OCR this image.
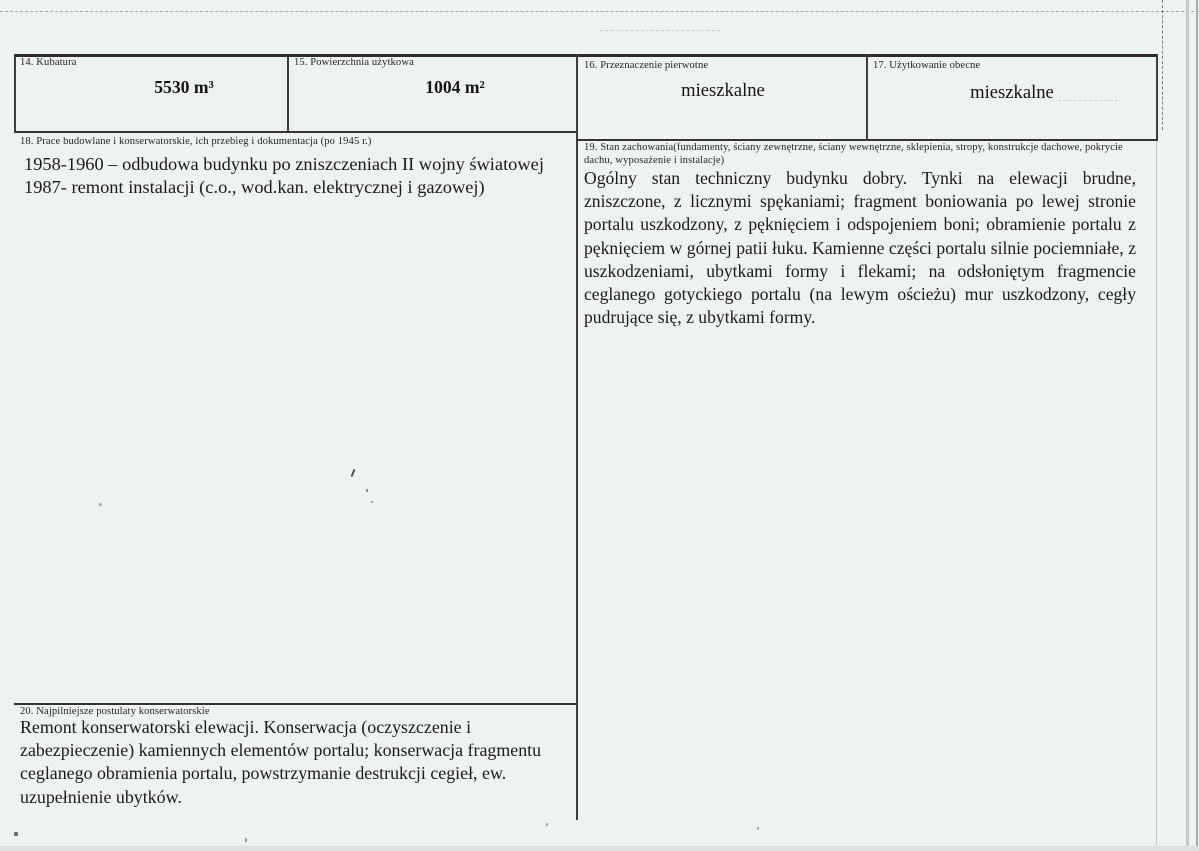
14. Kubatura
5530 m³
15. Powierzchnia użytkowa
1004 m²
16. Przeznaczenie pierwotne
mieszkalne
17. Użytkowanie obecne
mieszkalne
18. Prace budowlane i konserwatorskie, ich przebieg i dokumentacja (po 1945 r.)
1958-1960 – odbudowa budynku po zniszczeniach II wojny światowej
1987- remont instalacji (c.o., wod.kan. elektrycznej i gazowej)
19. Stan zachowania(fundamenty, ściany zewnętrzne, ściany wewnętrzne, sklepienia, stropy, konstrukcje dachowe, pokrycie dachu, wyposażenie i instalacje)
Ogólny stan techniczny budynku dobry. Tynki na elewacji brudne, zniszczone, z licznymi spękaniami; fragment boniowania po lewej stronie portalu uszkodzony, z pęknięciem i odspojeniem boni; obramienie portalu z pęknięciem w górnej patii łuku. Kamienne części portalu silnie pociemniałe, z uszkodzeniami, ubytkami formy i flekami; na odsłoniętym fragmencie ceglanego gotyckiego portalu (na lewym ościeżu) mur uszkodzony, cegły pudrujące się, z ubytkami formy.
20. Najpilniejsze postulaty konserwatorskie
Remont konserwatorski elewacji. Konserwacja (oczyszczenie i zabezpieczenie) kamiennych elementów portalu; konserwacja fragmentu ceglanego obramienia portalu, powstrzymanie destrukcji cegieł, ew. uzupełnienie ubytków.
